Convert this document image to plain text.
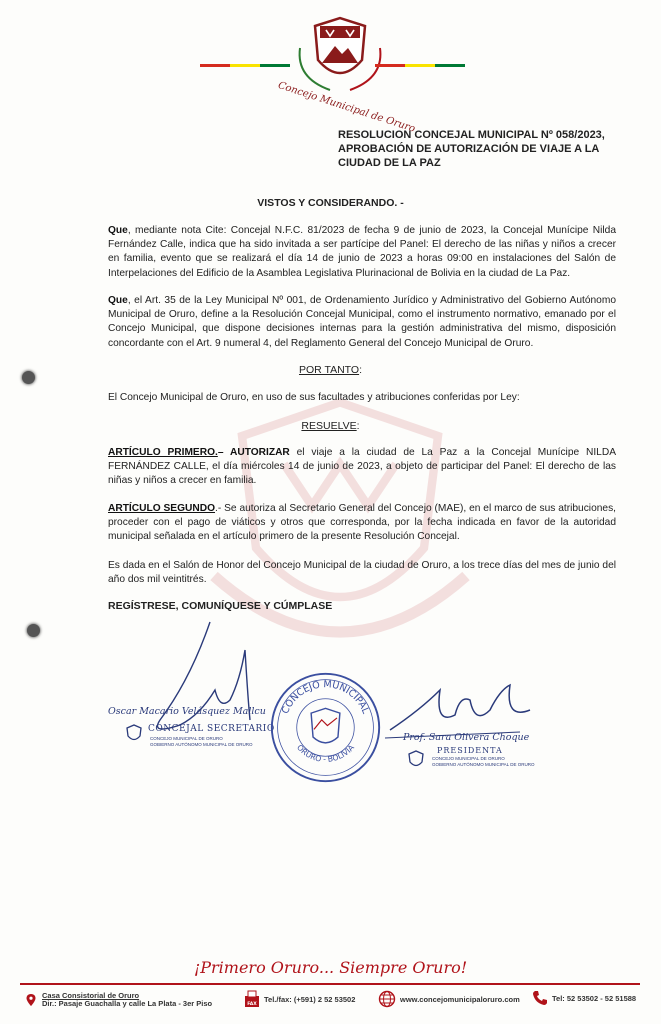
Concejo Municipal de Oruro
RESOLUCION CONCEJAL MUNICIPAL Nº 058/2023,
APROBACIÓN DE AUTORIZACIÓN DE VIAJE A LA
CIUDAD DE LA PAZ
VISTOS Y CONSIDERANDO. -
Que, mediante nota Cite: Concejal N.F.C. 81/2023 de fecha 9 de junio de 2023, la Concejal Munícipe Nilda Fernández Calle, indica que ha sido invitada a ser partícipe del Panel: El derecho de las niñas y niños a crecer en familia, evento que se realizará el día 14 de junio de 2023 a horas 09:00 en instalaciones del Salón de Interpelaciones del Edificio de la Asamblea Legislativa Plurinacional de Bolivia en la ciudad de La Paz.
Que, el Art. 35 de la Ley Municipal Nº 001, de Ordenamiento Jurídico y Administrativo del Gobierno Autónomo Municipal de Oruro, define a la Resolución Concejal Municipal, como el instrumento normativo, emanado por el Concejo Municipal, que dispone decisiones internas para la gestión administrativa del mismo, disposición concordante con el Art. 9 numeral 4, del Reglamento General del Concejo Municipal de Oruro.
POR TANTO:
El Concejo Municipal de Oruro, en uso de sus facultades y atribuciones conferidas por Ley:
RESUELVE:
ARTÍCULO PRIMERO.– AUTORIZAR el viaje a la ciudad de La Paz a la Concejal Munícipe NILDA FERNÁNDEZ CALLE, el día miércoles 14 de junio de 2023, a objeto de participar del Panel: El derecho de las niñas y niños a crecer en familia.
ARTÍCULO SEGUNDO.- Se autoriza al Secretario General del Concejo (MAE), en el marco de sus atribuciones, proceder con el pago de viáticos y otros que corresponda, por la fecha indicada en favor de la autoridad municipal señalada en el artículo primero de la presente Resolución Concejal.
Es dada en el Salón de Honor del Concejo Municipal de la ciudad de Oruro, a los trece días del mes de junio del año dos mil veintitrés.
REGÍSTRESE, COMUNÍQUESE Y CÚMPLASE
Oscar Macario Velásquez Mallcu
CONCEJAL SECRETARIO
CONCEJO MUNICIPAL DE ORURO
GOBIERNO AUTÓNOMO MUNICIPAL DE ORURO
CONCEJO MUNICIPAL
ORURO - BOLIVIA
Prof. Sara Olivera Choque
PRESIDENTA
CONCEJO MUNICIPAL DE ORURO
GOBIERNO AUTÓNOMO MUNICIPAL DE ORURO
¡Primero Oruro... Siempre Oruro!
Casa Consistorial de Oruro
Dir.: Pasaje Guachalla y calle La Plata - 3er Piso	FAX
Tel./fax: (+591) 2 52 53502	www.concejomunicipaloruro.com	Tel: 52 53502 - 52 51588
